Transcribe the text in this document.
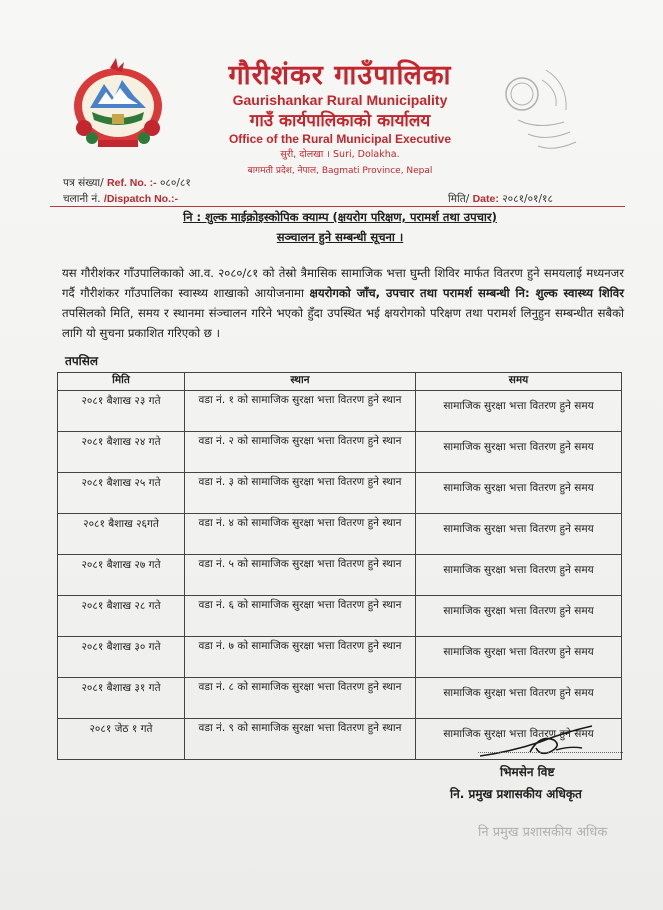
गौरीशंकर गाउँपालिका
Gaurishankar Rural Municipality
गाउँ कार्यपालिकाको कार्यालय
Office of the Rural Municipal Executive
सुरी, दोलखा । Suri, Dolakha.
बागमती प्रदेश, नेपाल, Bagmati Province, Nepal
पत्र संख्या/ Ref. No. :- ०८०/८१
चलानी नं. /Dispatch No.:-	मिति/ Date: २०८१/०१/१८
नि : शुल्क माईक्रोइस्कोपिक क्याम्प (क्षयरोग परिक्षण, परामर्श तथा उपचार)
सञ्चालन हुने सम्बन्धी सूचना ।
यस गौरीशंकर गाँउपालिकाको आ.व. २०८०/८१ को तेस्रो त्रैमासिक सामाजिक भत्ता घुम्ती शिविर मार्फत वितरण हुने समयलाई मध्यनजर गर्दै गौरीशंकर गाँउपालिका स्वास्थ्य शाखाको आयोजनामा क्षयरोगको जाँच, उपचार तथा परामर्श सम्बन्धी नि: शुल्क स्वास्थ्य शिविर तपसिलको मिति, समय र स्थानमा संञ्चालन गरिने भएको हुँदा उपस्थित भई क्षयरोगको परिक्षण तथा परामर्श लिनुहुन सम्बन्धीत सबैको लागि यो सुचना प्रकाशित गरिएको छ ।
तपसिल
मिति	स्थान	समय
२०८१ बैशाख २३ गते	वडा नं. १ को सामाजिक सुरक्षा भत्ता वितरण हुने स्थान	सामाजिक सुरक्षा भत्ता वितरण हुने समय
२०८१ बैशाख २४ गते	वडा नं. २ को सामाजिक सुरक्षा भत्ता वितरण हुने स्थान	सामाजिक सुरक्षा भत्ता वितरण हुने समय
२०८१ बैशाख २५ गते	वडा नं. ३ को सामाजिक सुरक्षा भत्ता वितरण हुने स्थान	सामाजिक सुरक्षा भत्ता वितरण हुने समय
२०८१ बैशाख २६गते	वडा नं. ४ को सामाजिक सुरक्षा भत्ता वितरण हुने स्थान	सामाजिक सुरक्षा भत्ता वितरण हुने समय
२०८१ बैशाख २७ गते	वडा नं. ५ को सामाजिक सुरक्षा भत्ता वितरण हुने स्थान	सामाजिक सुरक्षा भत्ता वितरण हुने समय
२०८१ बैशाख २८ गते	वडा नं. ६ को सामाजिक सुरक्षा भत्ता वितरण हुने स्थान	सामाजिक सुरक्षा भत्ता वितरण हुने समय
२०८१ बैशाख ३० गते	वडा नं. ७ को सामाजिक सुरक्षा भत्ता वितरण हुने स्थान	सामाजिक सुरक्षा भत्ता वितरण हुने समय
२०८१ बैशाख ३१ गते	वडा नं. ८ को सामाजिक सुरक्षा भत्ता वितरण हुने स्थान	सामाजिक सुरक्षा भत्ता वितरण हुने समय
२०८१ जेठ १ गते	वडा नं. ९ को सामाजिक सुरक्षा भत्ता वितरण हुने स्थान	सामाजिक सुरक्षा भत्ता वितरण हुने समय
भिमसेन विष्ट
नि. प्रमुख प्रशासकीय अधिकृत
नि प्रमुख प्रशासकीय अधिक
